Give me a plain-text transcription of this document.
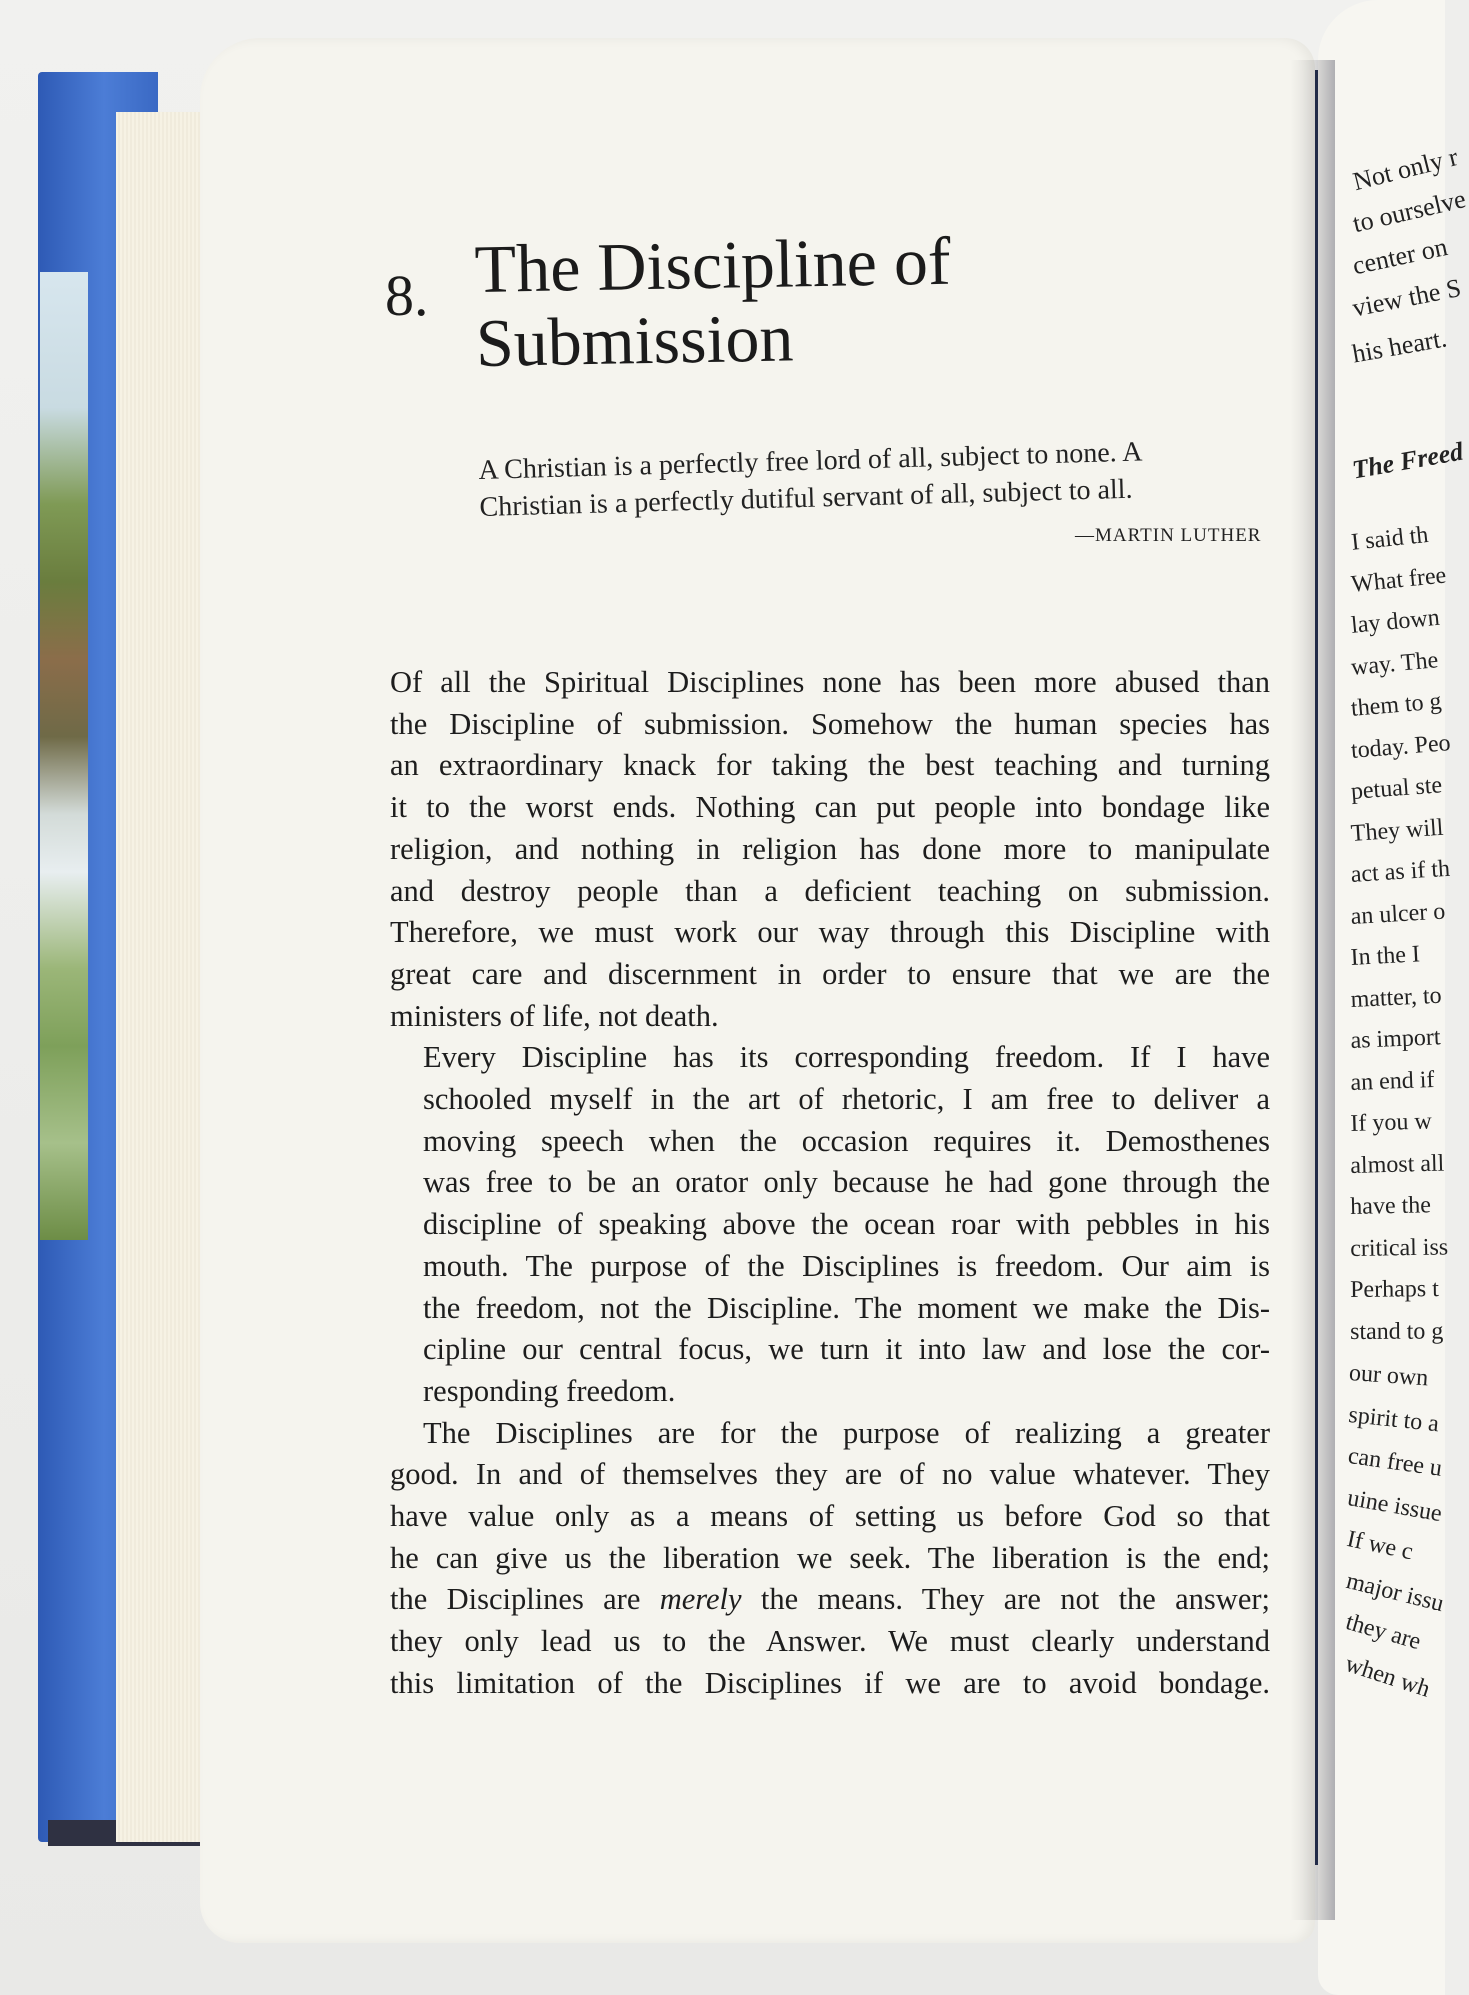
8. The Discipline of
Submission
A Christian is a perfectly free lord of all, subject to none. A
Christian is a perfectly dutiful servant of all, subject to all.
—MARTIN LUTHER

Of all the Spiritual Disciplines none has been more abused than
the Discipline of submission. Somehow the human species has
an extraordinary knack for taking the best teaching and turning
it to the worst ends. Nothing can put people into bondage like
religion, and nothing in religion has done more to manipulate
and destroy people than a deficient teaching on submission.
Therefore, we must work our way through this Discipline with
great care and discernment in order to ensure that we are the
ministers of life, not death.

Every Discipline has its corresponding freedom. If I have
schooled myself in the art of rhetoric, I am free to deliver a
moving speech when the occasion requires it. Demosthenes
was free to be an orator only because he had gone through the
discipline of speaking above the ocean roar with pebbles in his
mouth. The purpose of the Disciplines is freedom. Our aim is
the freedom, not the Discipline. The moment we make the Dis-
cipline our central focus, we turn it into law and lose the cor-
responding freedom.

The Disciplines are for the purpose of realizing a greater
good. In and of themselves they are of no value whatever. They
have value only as a means of setting us before God so that
he can give us the liberation we seek. The liberation is the end;
the Disciplines are merely the means. They are not the answer;
they only lead us to the Answer. We must clearly understand
this limitation of the Disciplines if we are to avoid bondage.

Not only r
to ourselve
center on
view the S
his heart.
The Freed
I said th
What free
lay down
way. The
them to g
today. Peo
petual ste
They will
act as if th
an ulcer o
In the I
matter, to
as import
an end if
If you w
almost all
have the
critical iss
Perhaps t
stand to g
our own
spirit to a
can free u
uine issue
If we c
major issu
they are
when wh
